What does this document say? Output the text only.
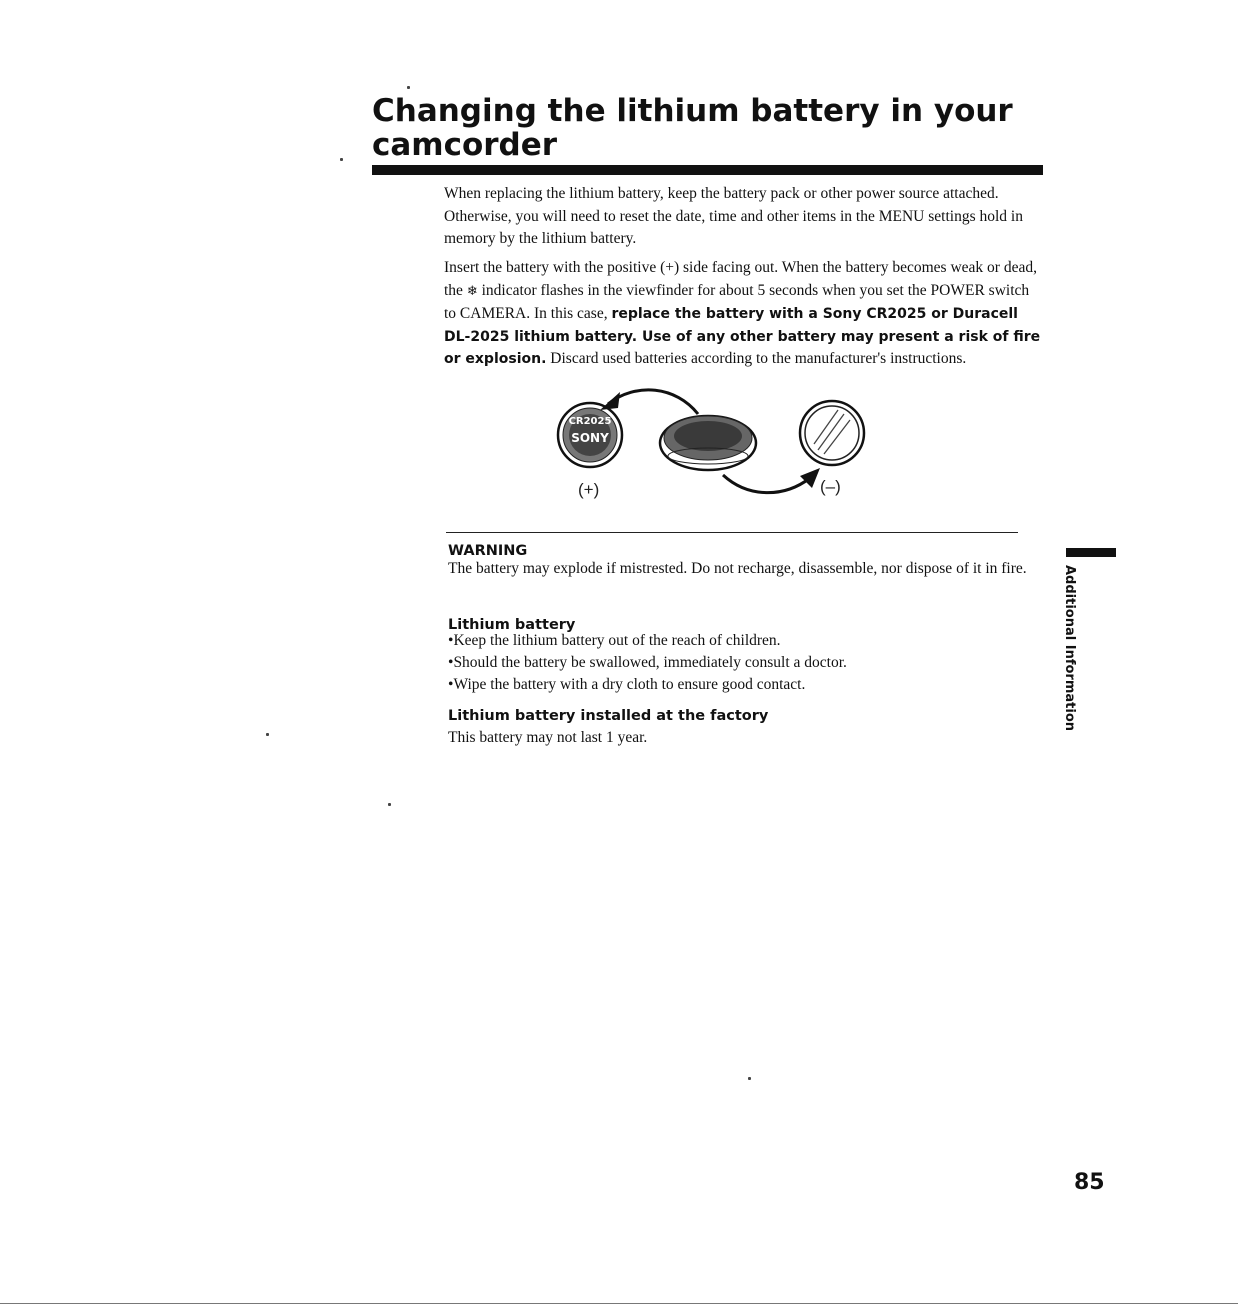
Changing the lithium battery in your camcorder

When replacing the lithium battery, keep the battery pack or other power source attached. Otherwise, you will need to reset the date, time and other items in the MENU settings hold in memory by the lithium battery.

Insert the battery with the positive (+) side facing out. When the battery becomes weak or dead, the ❄ indicator flashes in the viewfinder for about 5 seconds when you set the POWER switch to CAMERA. In this case, replace the battery with a Sony CR2025 or Duracell DL-2025 lithium battery. Use of any other battery may present a risk of fire or explosion. Discard used batteries according to the manufacturer's instructions.

CR2025
SONY
(+)	(–)
WARNING

The battery may explode if mistrested. Do not recharge, disassemble, nor dispose of it in fire.

Lithium battery
• Keep the lithium battery out of the reach of children.
• Should the battery be swallowed, immediately consult a doctor.
• Wipe the battery with a dry cloth to ensure good contact.
Lithium battery installed at the factory

This battery may not last 1 year.

Additional Information
85
